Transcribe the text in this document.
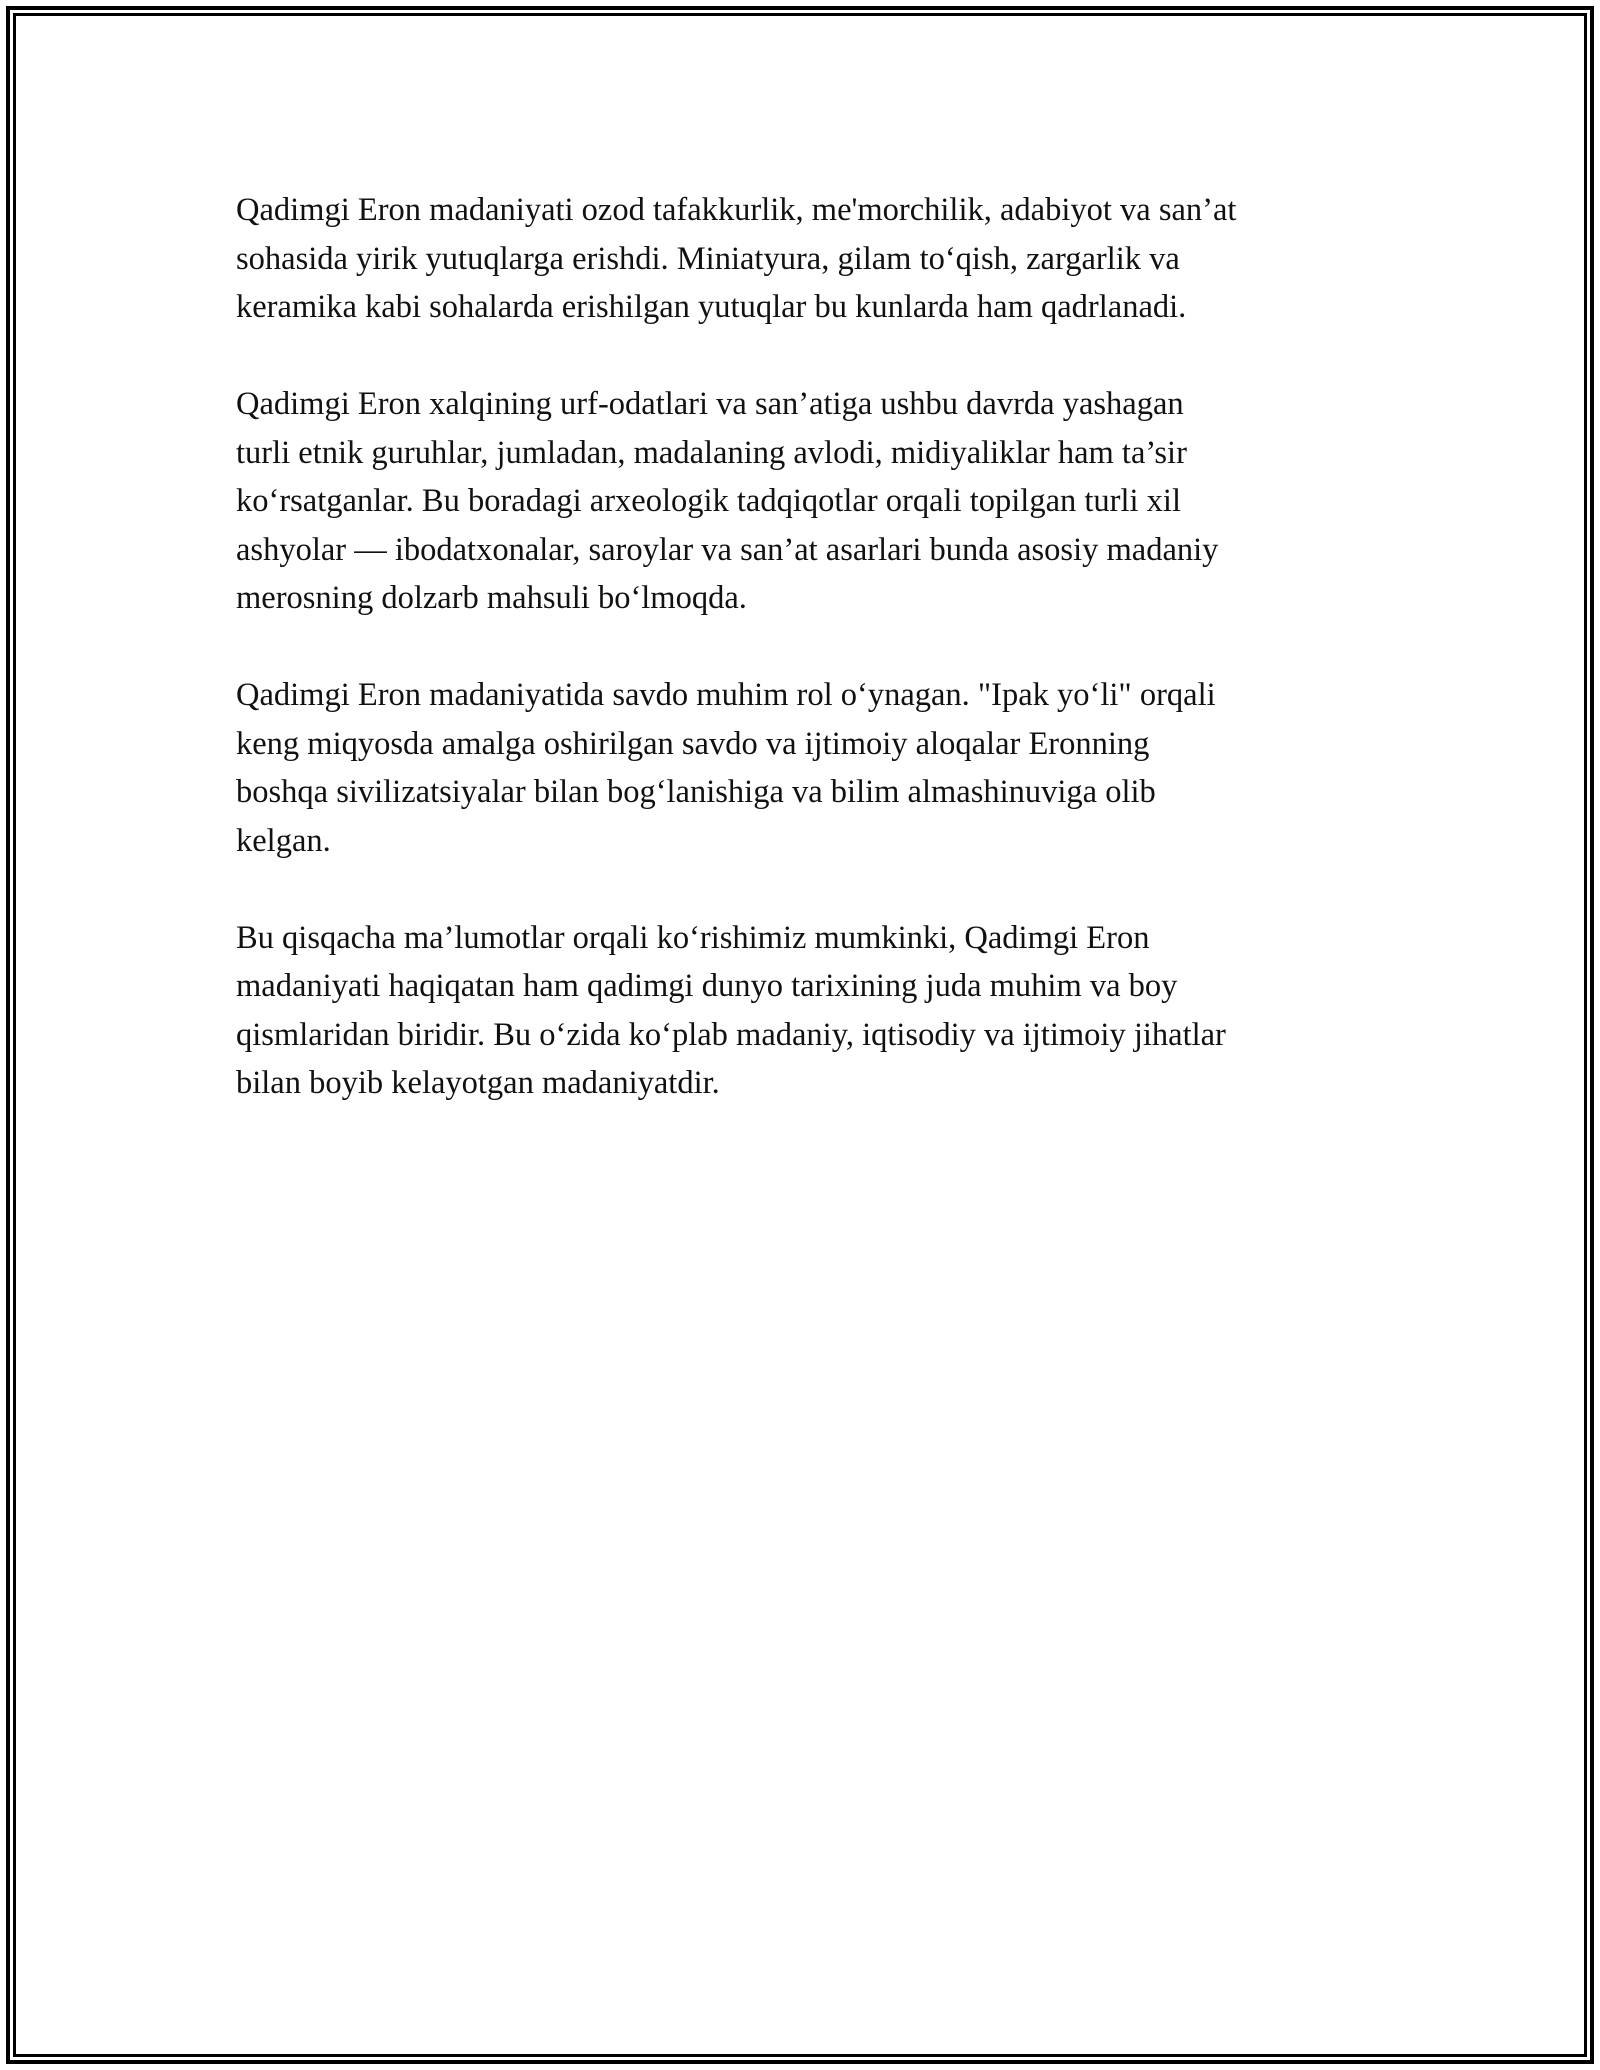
Qadimgi Eron madaniyati ozod tafakkurlik, me'morchilik, adabiyot va san’at
sohasida yirik yutuqlarga erishdi. Miniatyura, gilam to‘qish, zargarlik va
keramika kabi sohalarda erishilgan yutuqlar bu kunlarda ham qadrlanadi.

Qadimgi Eron xalqining urf-odatlari va san’atiga ushbu davrda yashagan
turli etnik guruhlar, jumladan, madalaning avlodi, midiyaliklar ham ta’sir
ko‘rsatganlar. Bu boradagi arxeologik tadqiqotlar orqali topilgan turli xil
ashyolar — ibodatxonalar, saroylar va san’at asarlari bunda asosiy madaniy
merosning dolzarb mahsuli bo‘lmoqda.

Qadimgi Eron madaniyatida savdo muhim rol o‘ynagan. "Ipak yo‘li" orqali
keng miqyosda amalga oshirilgan savdo va ijtimoiy aloqalar Eronning
boshqa sivilizatsiyalar bilan bog‘lanishiga va bilim almashinuviga olib
kelgan.

Bu qisqacha ma’lumotlar orqali ko‘rishimiz mumkinki, Qadimgi Eron
madaniyati haqiqatan ham qadimgi dunyo tarixining juda muhim va boy
qismlaridan biridir. Bu o‘zida ko‘plab madaniy, iqtisodiy va ijtimoiy jihatlar
bilan boyib kelayotgan madaniyatdir.
